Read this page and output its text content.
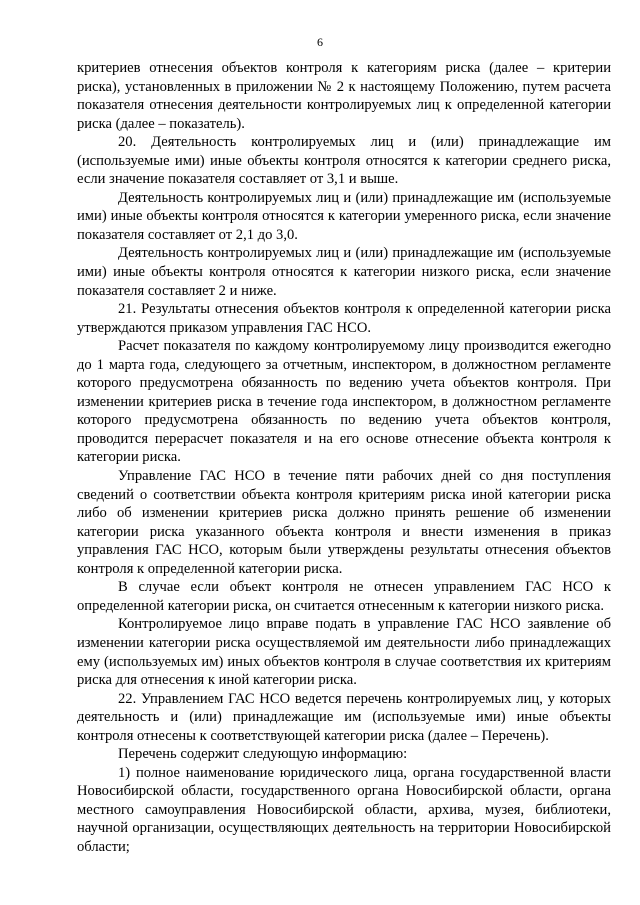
6

критериев отнесения объектов контроля к категориям риска (далее – критерии риска), установленных в приложении № 2 к настоящему Положению, путем расчета показателя отнесения деятельности контролируемых лиц к определенной категории риска (далее – показатель).

20. Деятельность контролируемых лиц и (или) принадлежащие им (используемые ими) иные объекты контроля относятся к категории среднего риска, если значение показателя составляет от 3,1 и выше.

Деятельность контролируемых лиц и (или) принадлежащие им (используемые ими) иные объекты контроля относятся к категории умеренного риска, если значение показателя составляет от 2,1 до 3,0.

Деятельность контролируемых лиц и (или) принадлежащие им (используемые ими) иные объекты контроля относятся к категории низкого риска, если значение показателя составляет 2 и ниже.

21. Результаты отнесения объектов контроля к определенной категории риска утверждаются приказом управления ГАС НСО.

Расчет показателя по каждому контролируемому лицу производится ежегодно до 1 марта года, следующего за отчетным, инспектором, в должностном регламенте которого предусмотрена обязанность по ведению учета объектов контроля. При изменении критериев риска в течение года инспектором, в должностном регламенте которого предусмотрена обязанность по ведению учета объектов контроля, проводится перерасчет показателя и на его основе отнесение объекта контроля к категории риска.

Управление ГАС НСО в течение пяти рабочих дней со дня поступления сведений о соответствии объекта контроля критериям риска иной категории риска либо об изменении критериев риска должно принять решение об изменении категории риска указанного объекта контроля и внести изменения в приказ управления ГАС НСО, которым были утверждены результаты отнесения объектов контроля к определенной категории риска.

В случае если объект контроля не отнесен управлением ГАС НСО к определенной категории риска, он считается отнесенным к категории низкого риска.

Контролируемое лицо вправе подать в управление ГАС НСО заявление об изменении категории риска осуществляемой им деятельности либо принадлежащих ему (используемых им) иных объектов контроля в случае соответствия их критериям риска для отнесения к иной категории риска.

22. Управлением ГАС НСО ведется перечень контролируемых лиц, у которых деятельность и (или) принадлежащие им (используемые ими) иные объекты контроля отнесены к соответствующей категории риска (далее – Перечень).

Перечень содержит следующую информацию:

1) полное наименование юридического лица, органа государственной власти Новосибирской области, государственного органа Новосибирской области, органа местного самоуправления Новосибирской области, архива, музея, библиотеки, научной организации, осуществляющих деятельность на территории Новосибирской области;
